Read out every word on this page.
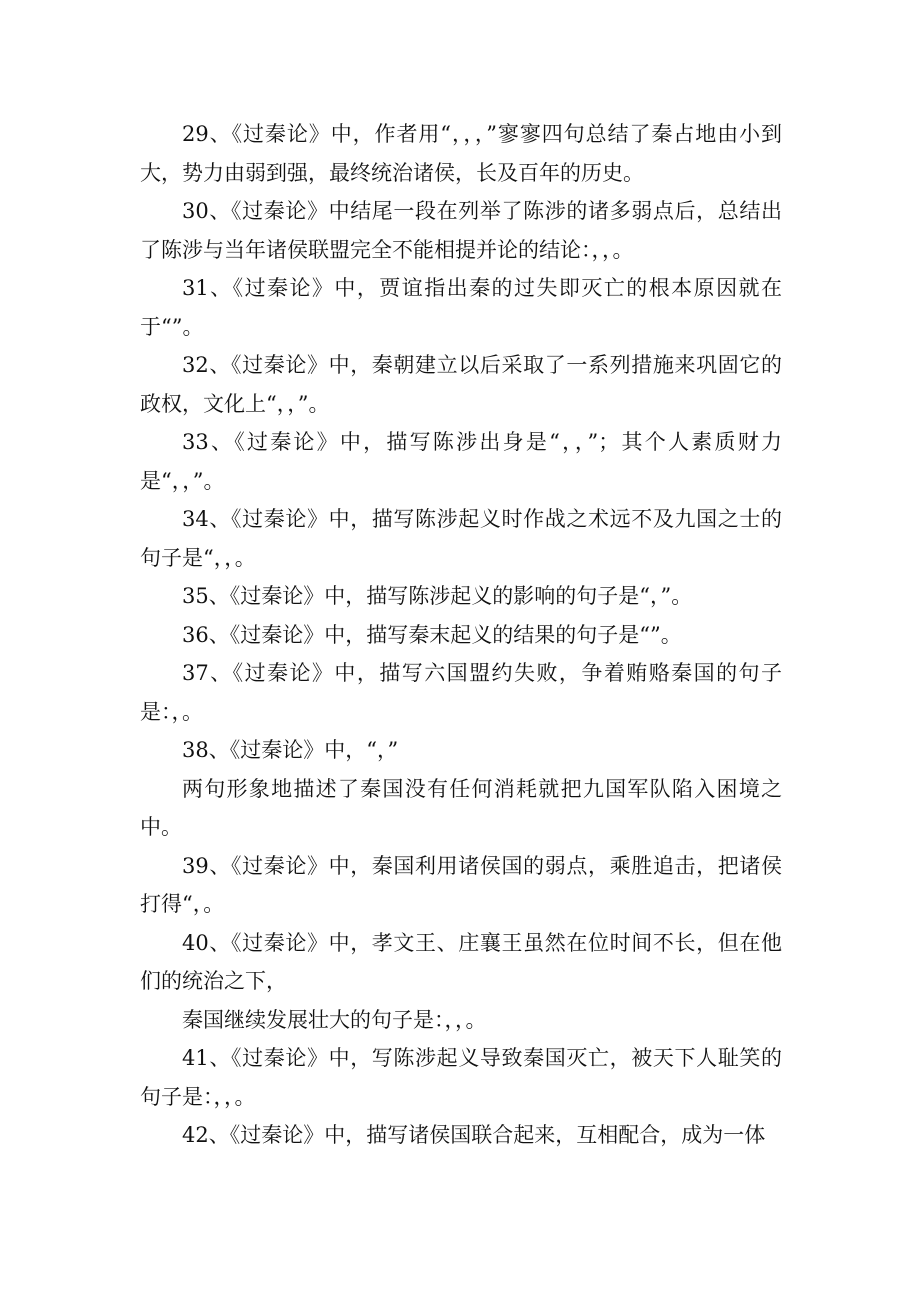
29、《过秦论》中，作者用“，，，”寥寥四句总结了秦占地由小到大，势力由弱到强，最终统治诸侯，长及百年的历史。

30、《过秦论》中结尾一段在列举了陈涉的诸多弱点后，总结出了陈涉与当年诸侯联盟完全不能相提并论的结论：，，。

31、《过秦论》中，贾谊指出秦的过失即灭亡的根本原因就在于“”。

32、《过秦论》中，秦朝建立以后采取了一系列措施来巩固它的政权，文化上“，，”。

33、《过秦论》中，描写陈涉出身是“，，”；其个人素质财力是“，，”。

34、《过秦论》中，描写陈涉起义时作战之术远不及九国之士的句子是“，，。

35、《过秦论》中，描写陈涉起义的影响的句子是“，”。

36、《过秦论》中，描写秦末起义的结果的句子是“”。

37、《过秦论》中，描写六国盟约失败，争着贿赂秦国的句子是：，。

38、《过秦论》中，“，”

两句形象地描述了秦国没有任何消耗就把九国军队陷入困境之中。

39、《过秦论》中，秦国利用诸侯国的弱点，乘胜追击，把诸侯打得“，。

40、《过秦论》中，孝文王、庄襄王虽然在位时间不长，但在他们的统治之下，

秦国继续发展壮大的句子是：，，。

41、《过秦论》中，写陈涉起义导致秦国灭亡，被天下人耻笑的句子是：，，。

42、《过秦论》中，描写诸侯国联合起来，互相配合，成为一体
